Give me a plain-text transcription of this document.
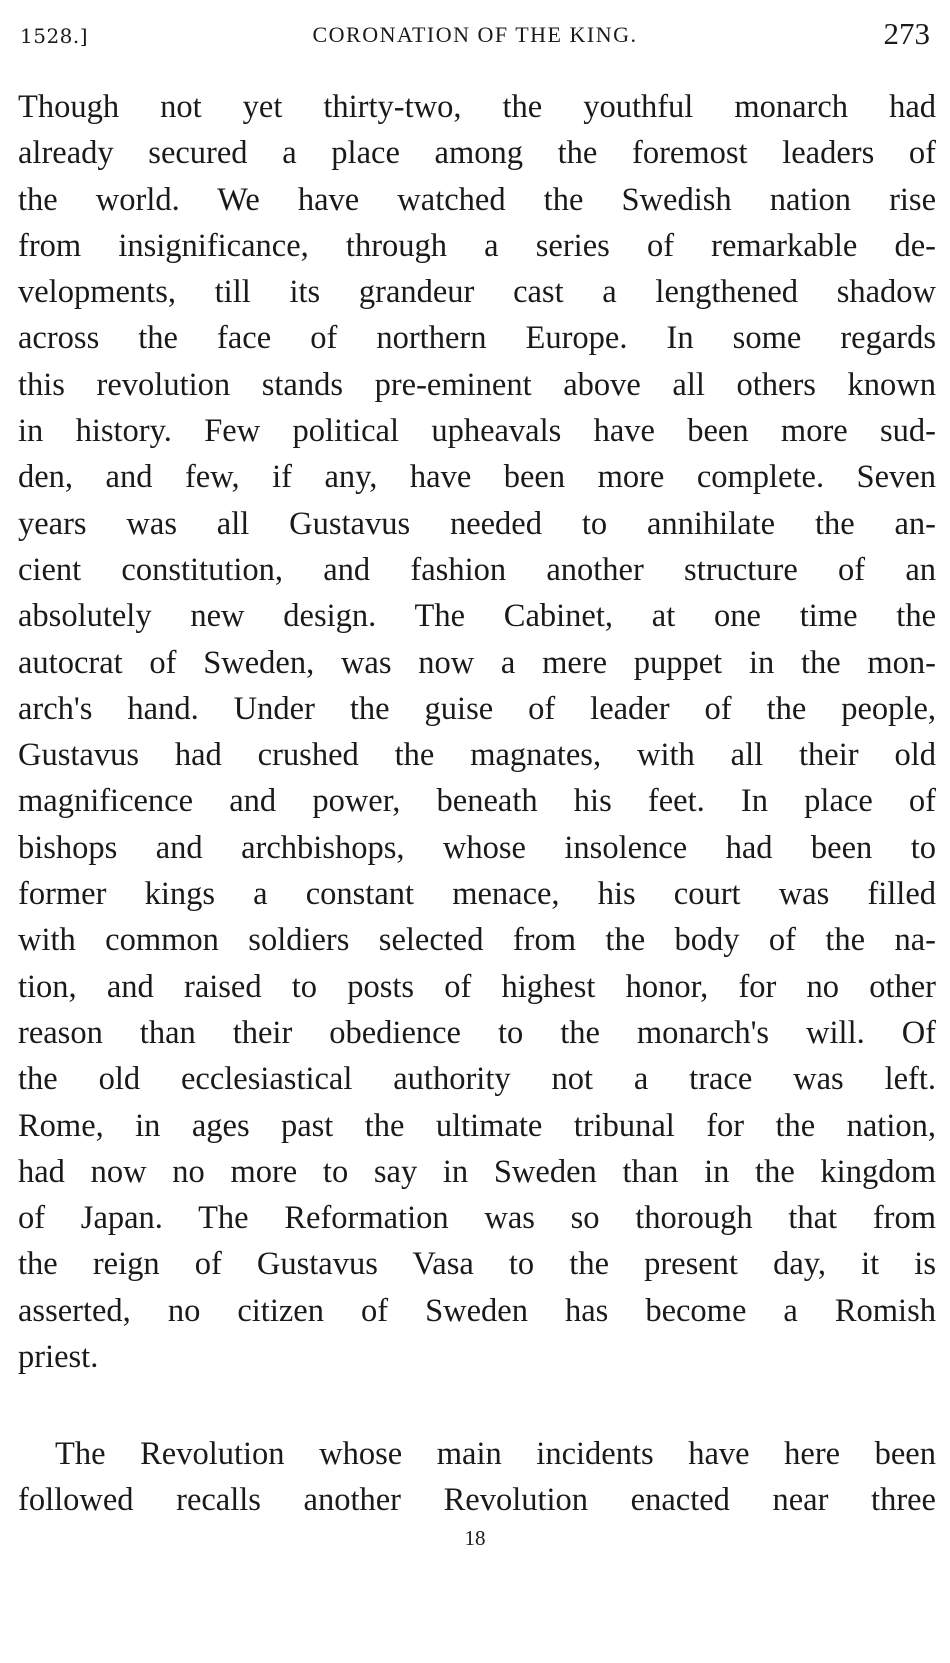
1528.]	CORONATION OF THE KING.	273
Though not yet thirty-two, the youthful monarch had
already secured a place among the foremost leaders of
the world. We have watched the Swedish nation rise
from insignificance, through a series of remarkable de-
velopments, till its grandeur cast a lengthened shadow
across the face of northern Europe. In some regards
this revolution stands pre-eminent above all others known
in history. Few political upheavals have been more sud-
den, and few, if any, have been more complete. Seven
years was all Gustavus needed to annihilate the an-
cient constitution, and fashion another structure of an
absolutely new design. The Cabinet, at one time the
autocrat of Sweden, was now a mere puppet in the mon-
arch's hand. Under the guise of leader of the people,
Gustavus had crushed the magnates, with all their old
magnificence and power, beneath his feet. In place of
bishops and archbishops, whose insolence had been to
former kings a constant menace, his court was filled
with common soldiers selected from the body of the na-
tion, and raised to posts of highest honor, for no other
reason than their obedience to the monarch's will. Of
the old ecclesiastical authority not a trace was left.
Rome, in ages past the ultimate tribunal for the nation,
had now no more to say in Sweden than in the kingdom
of Japan. The Reformation was so thorough that from
the reign of Gustavus Vasa to the present day, it is
asserted, no citizen of Sweden has become a Romish
priest.
The Revolution whose main incidents have here been
followed recalls another Revolution enacted near three
18
